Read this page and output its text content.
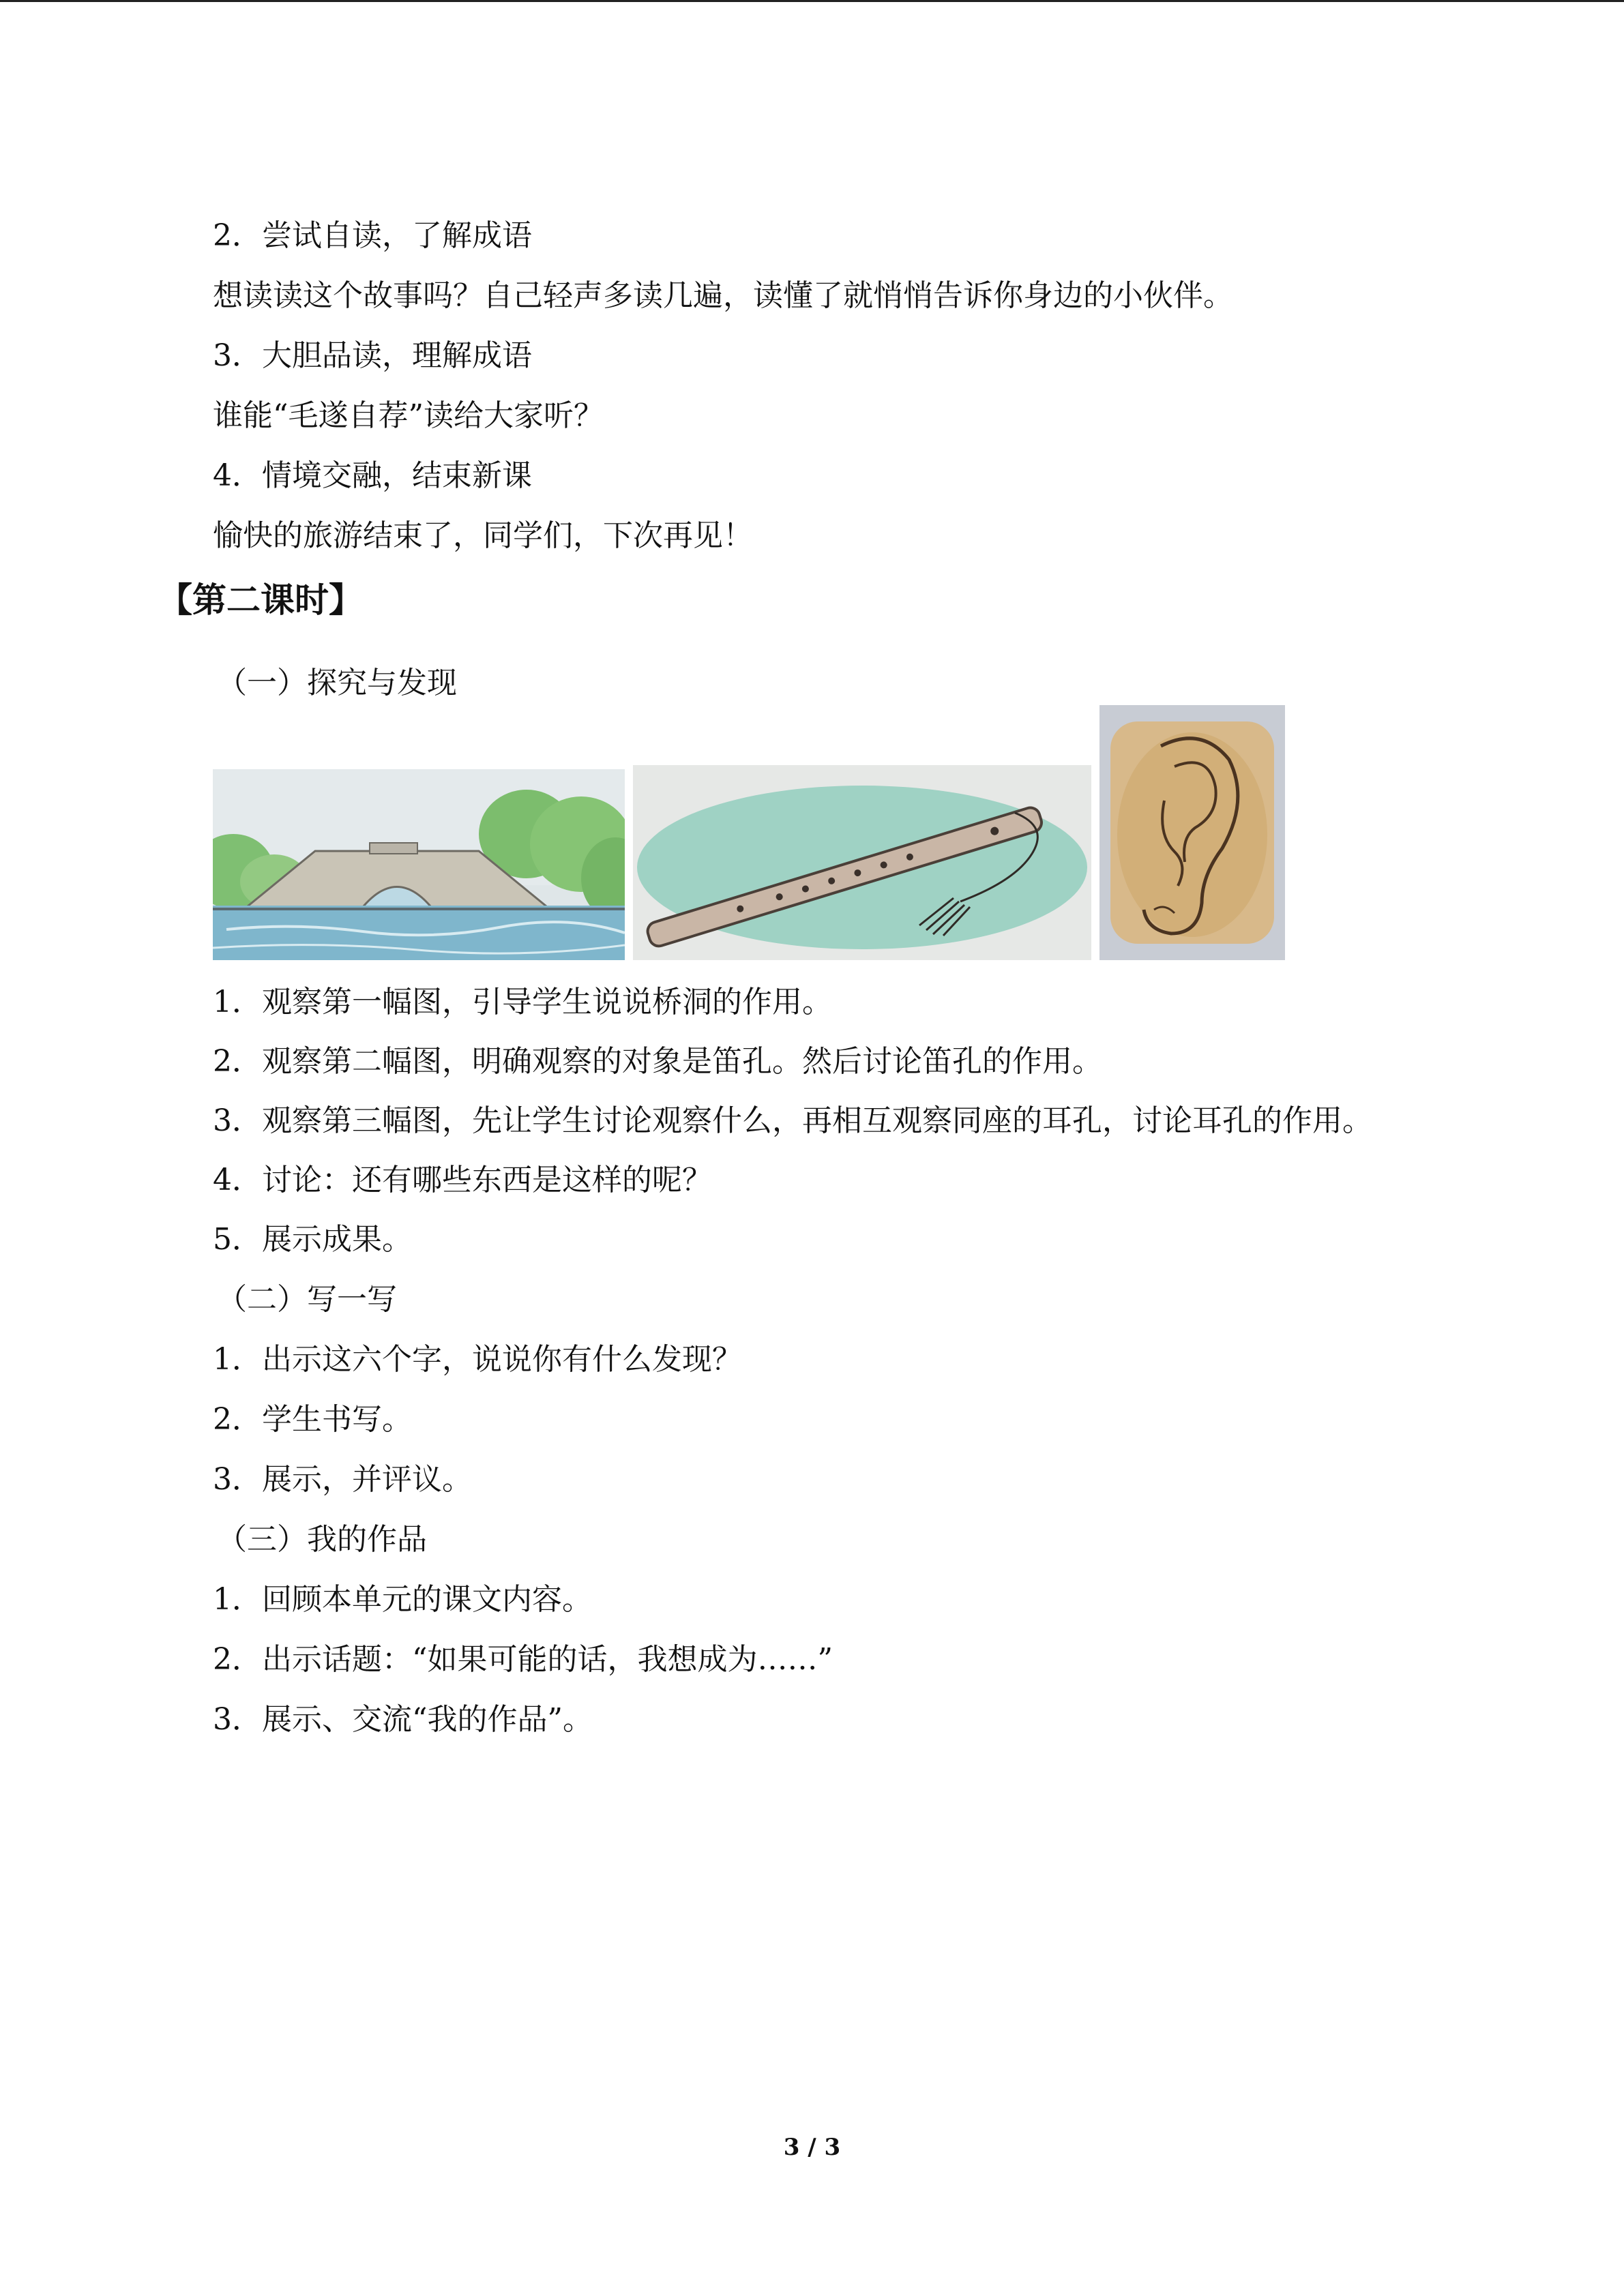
2．尝试自读，了解成语

想读读这个故事吗？自己轻声多读几遍，读懂了就悄悄告诉你身边的小伙伴。

3．大胆品读，理解成语

谁能“毛遂自荐”读给大家听？

4．情境交融，结束新课

愉快的旅游结束了，同学们，下次再见！

【第二课时】

（一）探究与发现

1．观察第一幅图，引导学生说说桥洞的作用。

2．观察第二幅图，明确观察的对象是笛孔。然后讨论笛孔的作用。

3．观察第三幅图，先让学生讨论观察什么，再相互观察同座的耳孔，讨论耳孔的作用。

4．讨论：还有哪些东西是这样的呢？

5．展示成果。

（二）写一写

1．出示这六个字，说说你有什么发现？

2．学生书写。

3．展示，并评议。

（三）我的作品

1．回顾本单元的课文内容。

2．出示话题：“如果可能的话，我想成为……”

3．展示、交流“我的作品”。

3 / 3
